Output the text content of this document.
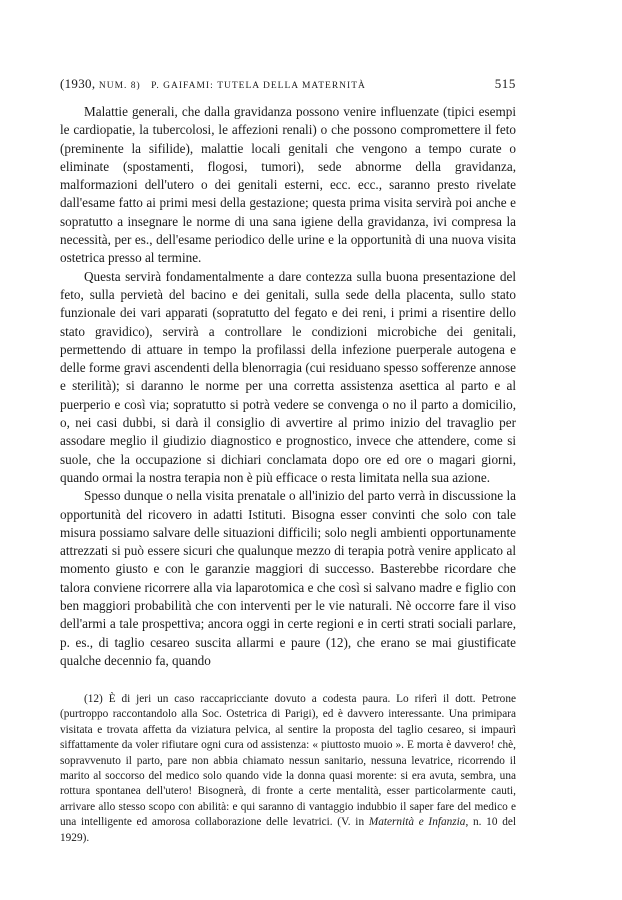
(1930, NUM. 8) P. GAIFAMI: TUTELA DELLA MATERNITÀ	515

Malattie generali, che dalla gravidanza possono venire influenzate (tipici esempi le cardiopatie, la tubercolosi, le affezioni renali) o che possono compromettere il feto (preminente la sifilide), malattie locali genitali che vengono a tempo curate o eliminate (spostamenti, flogosi, tumori), sede abnorme della gravidanza, malformazioni dell'utero o dei genitali esterni, ecc. ecc., saranno presto rivelate dall'esame fatto ai primi mesi della gestazione; questa prima visita servirà poi anche e sopratutto a insegnare le norme di una sana igiene della gravidanza, ivi compresa la necessità, per es., dell'esame periodico delle urine e la opportunità di una nuova visita ostetrica presso al termine.

Questa servirà fondamentalmente a dare contezza sulla buona presentazione del feto, sulla pervietà del bacino e dei genitali, sulla sede della placenta, sullo stato funzionale dei vari apparati (sopratutto del fegato e dei reni, i primi a risentire dello stato gravidico), servirà a controllare le condizioni microbiche dei genitali, permettendo di attuare in tempo la profilassi della infezione puerperale autogena e delle forme gravi ascendenti della blenorragia (cui residuano spesso sofferenze annose e sterilità); si daranno le norme per una corretta assistenza asettica al parto e al puerperio e così via; sopratutto si potrà vedere se convenga o no il parto a domicilio, o, nei casi dubbi, si darà il consiglio di avvertire al primo inizio del travaglio per assodare meglio il giudizio diagnostico e prognostico, invece che attendere, come si suole, che la occupazione si dichiari conclamata dopo ore ed ore o magari giorni, quando ormai la nostra terapia non è più efficace o resta limitata nella sua azione.

Spesso dunque o nella visita prenatale o all'inizio del parto verrà in discussione la opportunità del ricovero in adatti Istituti. Bisogna esser convinti che solo con tale misura possiamo salvare delle situazioni difficili; solo negli ambienti opportunamente attrezzati si può essere sicuri che qualunque mezzo di terapia potrà venire applicato al momento giusto e con le garanzie maggiori di successo. Basterebbe ricordare che talora conviene ricorrere alla via laparotomica e che così si salvano madre e figlio con ben maggiori probabilità che con interventi per le vie naturali. Nè occorre fare il viso dell'armi a tale prospettiva; ancora oggi in certe regioni e in certi strati sociali parlare, p. es., di taglio cesareo suscita allarmi e paure (12), che erano se mai giustificate qualche decennio fa, quando

(12) È di jeri un caso raccapricciante dovuto a codesta paura. Lo riferì il dott. Petrone (purtroppo raccontandolo alla Soc. Ostetrica di Parigi), ed è davvero interessante. Una primipara visitata e trovata affetta da viziatura pelvica, al sentire la proposta del taglio cesareo, si impaurì siffattamente da voler rifiutare ogni cura od assistenza: « piuttosto muoio ». E morta è davvero! chè, sopravvenuto il parto, pare non abbia chiamato nessun sanitario, nessuna levatrice, ricorrendo il marito al soccorso del medico solo quando vide la donna quasi morente: si era avuta, sembra, una rottura spontanea dell'utero! Bisognerà, di fronte a certe mentalità, esser particolarmente cauti, arrivare allo stesso scopo con abilità: e qui saranno di vantaggio indubbio il saper fare del medico e una intelligente ed amorosa collaborazione delle levatrici. (V. in Maternità e Infanzia, n. 10 del 1929).
